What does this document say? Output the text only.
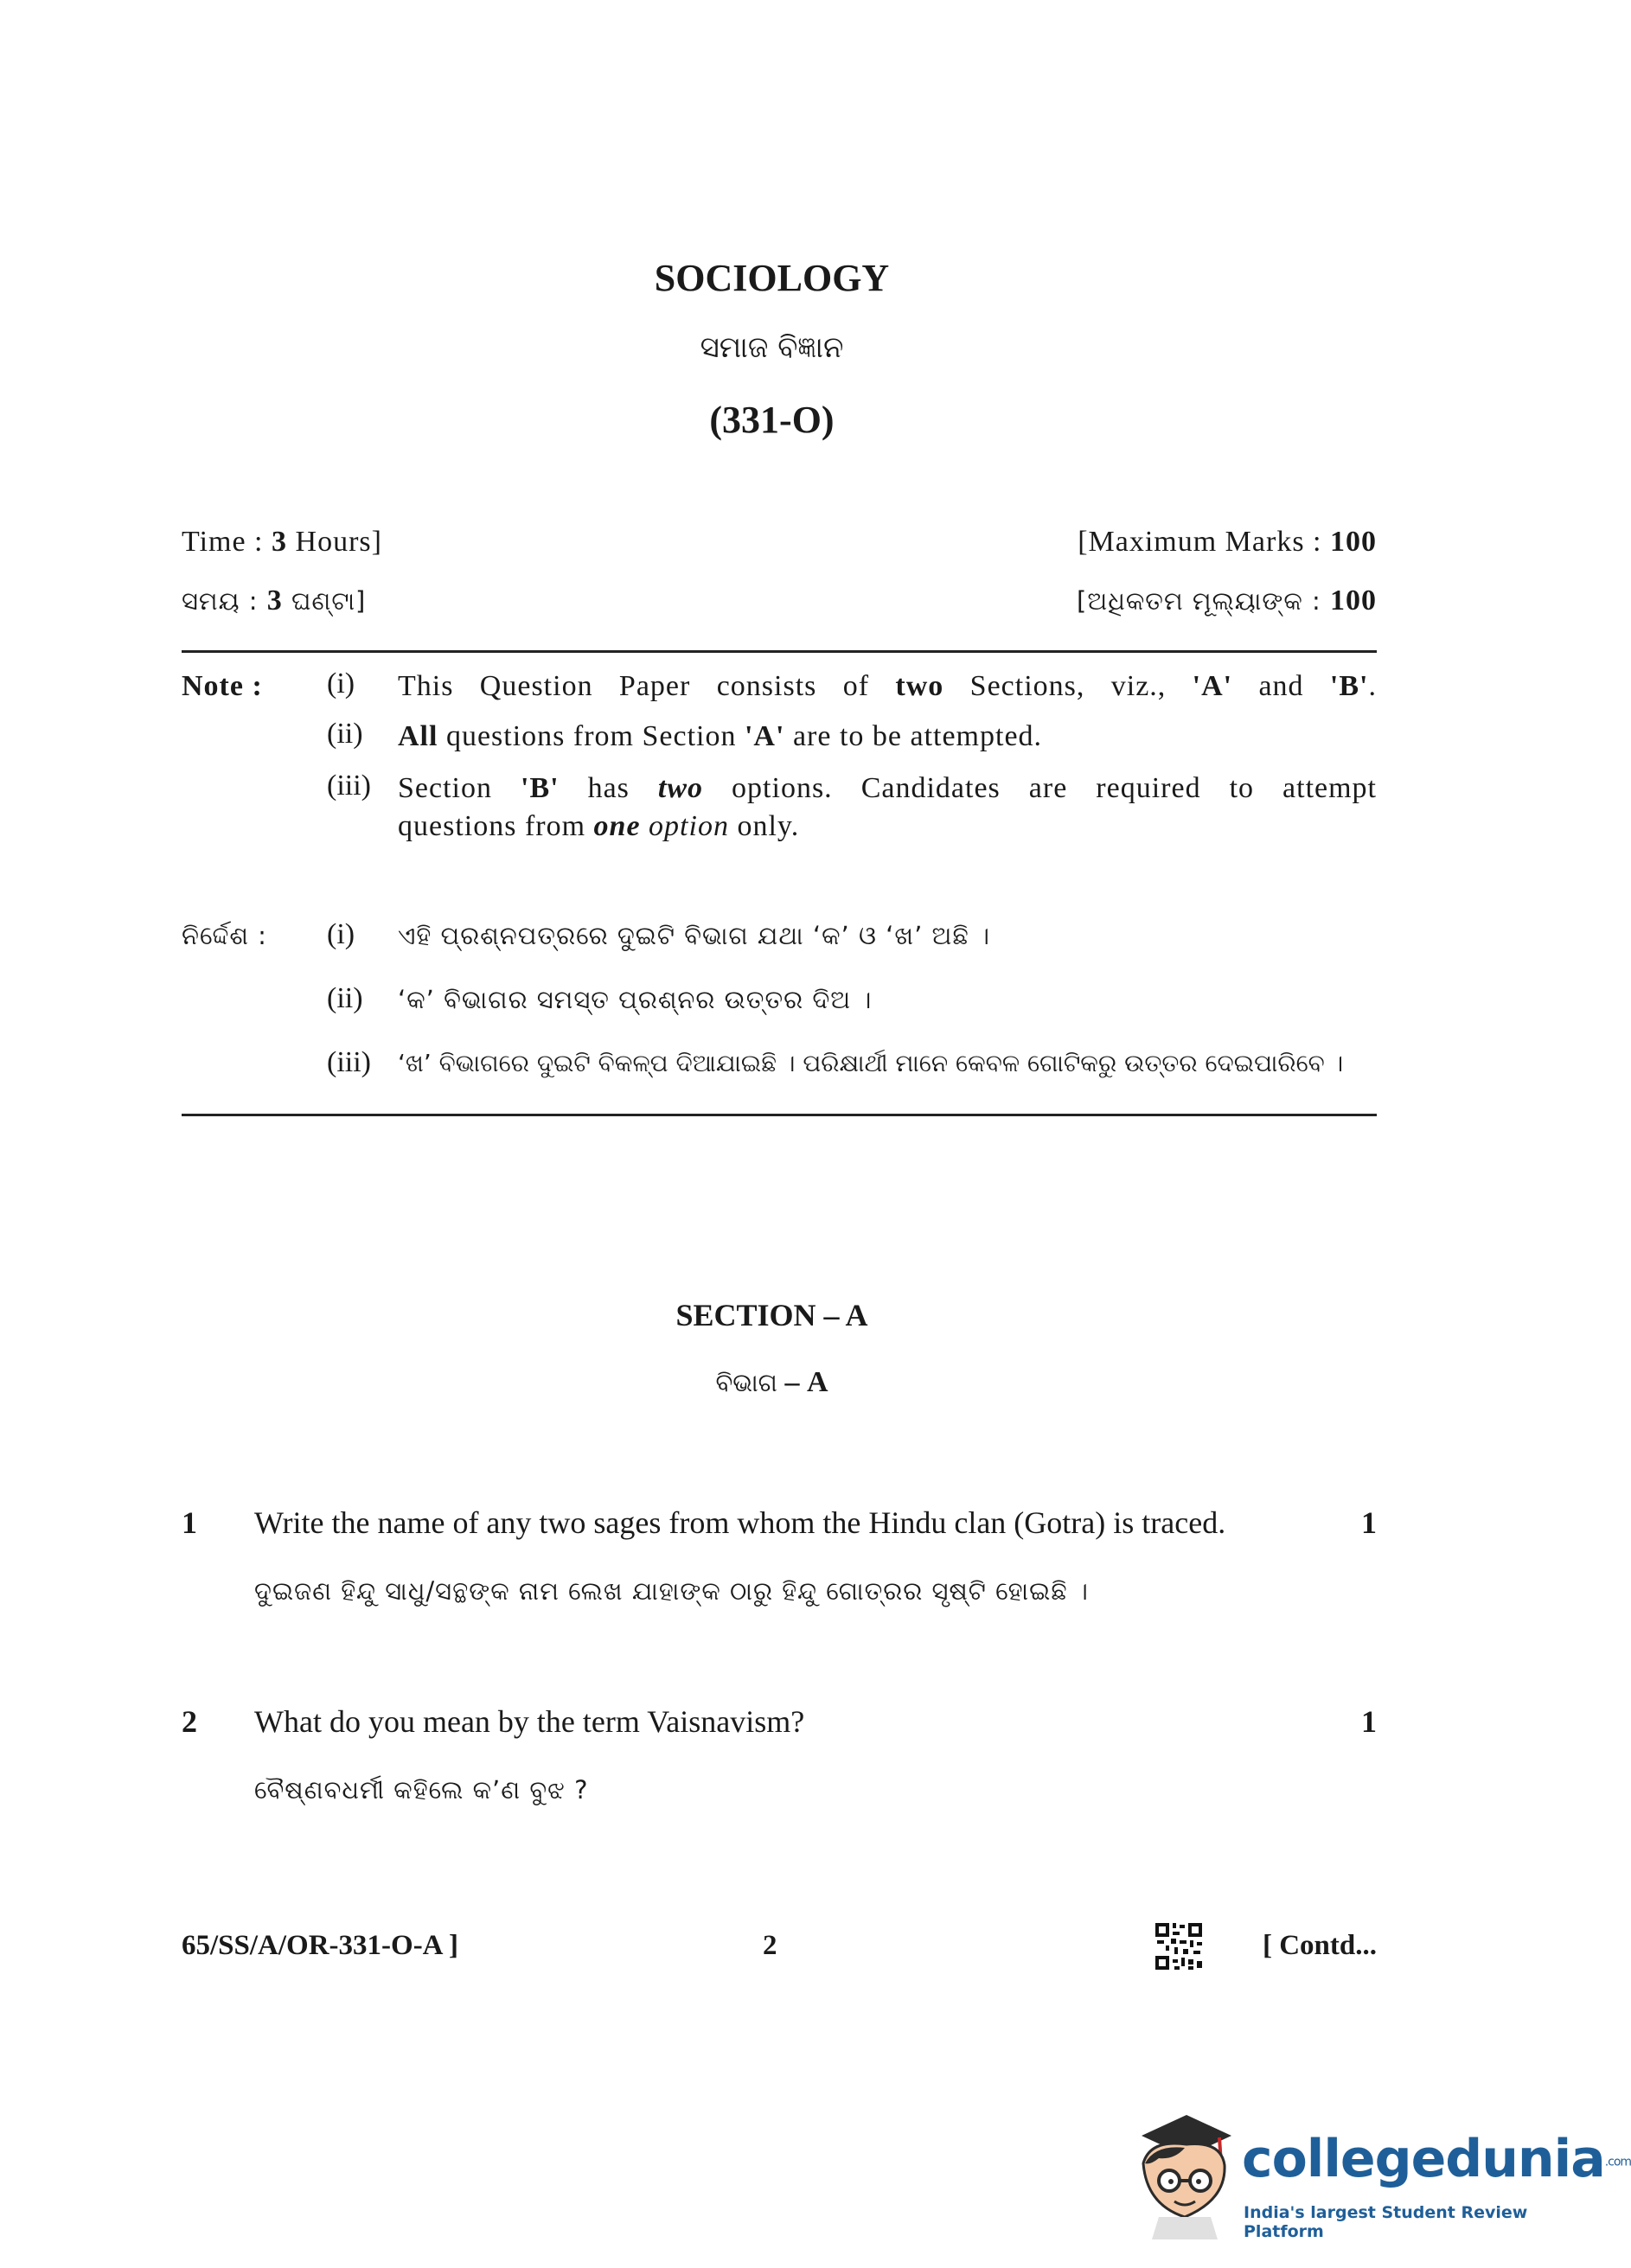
SOCIOLOGY
ସମାଜ ବିଜ୍ଞାନ
(331-O)
Time : 3 Hours]	[Maximum Marks : 100
ସମୟ : 3 ଘଣ୍ଟା]	[ଅଧିକତମ ମୂଲ୍ୟାଙ୍କ : 100
Note : (i) This Question Paper consists of two Sections, viz., 'A' and 'B'.
(ii) All questions from Section 'A' are to be attempted.
(iii) Section 'B' has two options. Candidates are required to attempt
questions from one option only.
ନିର୍ଦ୍ଦେଶ : (i) ଏହି ପ୍ରଶ୍ନପତ୍ରରେ ଦୁଇଟି ବିଭାଗ ଯଥା ‘କ’ ଓ ‘ଖ’ ଅଛି ।
(ii) ‘କ’ ବିଭାଗର ସମସ୍ତ ପ୍ରଶ୍ନର ଉତ୍ତର ଦିଅ ।
(iii) ‘ଖ’ ବିଭାଗରେ ଦୁଇଟି ବିକଳ୍ପ ଦିଆଯାଇଛି । ପରିକ୍ଷାର୍ଥୀ ମାନେ କେବଳ ଗୋଟିକରୁ ଉତ୍ତର ଦେଇପାରିବେ ।
SECTION – A
ବିଭାଗ – A
1 Write the name of any two sages from whom the Hindu clan (Gotra) is traced.	1
ଦୁଇଜଣ ହିନ୍ଦୁ ସାଧୁ/ସନ୍ଥଙ୍କ ନାମ ଲେଖ ଯାହାଙ୍କ ଠାରୁ ହିନ୍ଦୁ ଗୋତ୍ରର ସୃଷ୍ଟି ହୋଇଛି ।
2 What do you mean by the term Vaisnavism?	1
ବୈଷ୍ଣବଧର୍ମୀ କହିଲେ କ’ଣ ବୁଝ ?
65/SS/A/OR-331-O-A ]	2	[ Contd...
collegedunia.com
India's largest Student Review Platform
